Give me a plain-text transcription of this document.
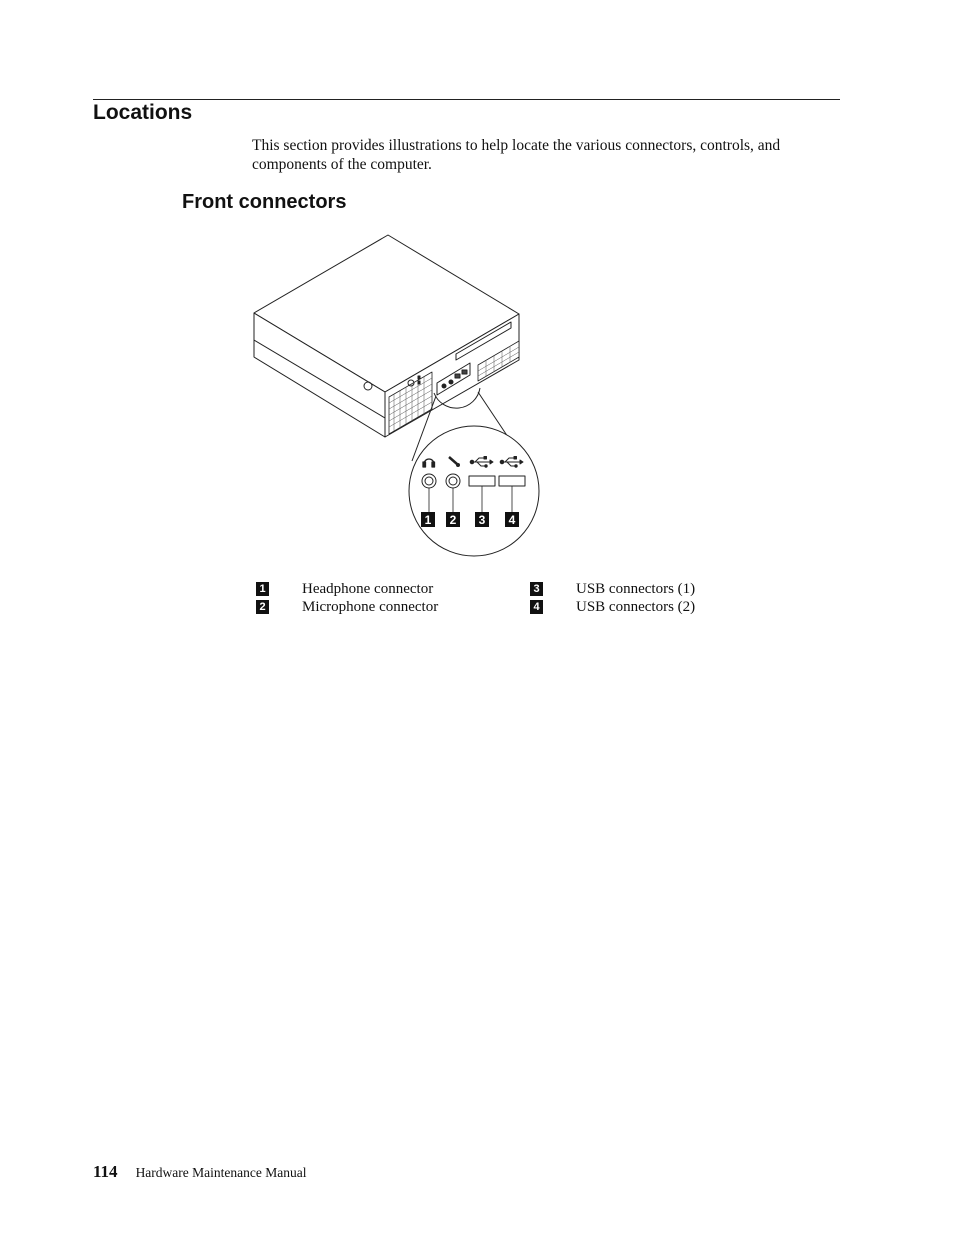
Locations

This section provides illustrations to help locate the various connectors, controls, and components of the computer.

Front connectors
1 2 3 4
1 Headphone connector
2 Microphone connector
3 USB connectors (1)
4 USB connectors (2)
114 Hardware Maintenance Manual
